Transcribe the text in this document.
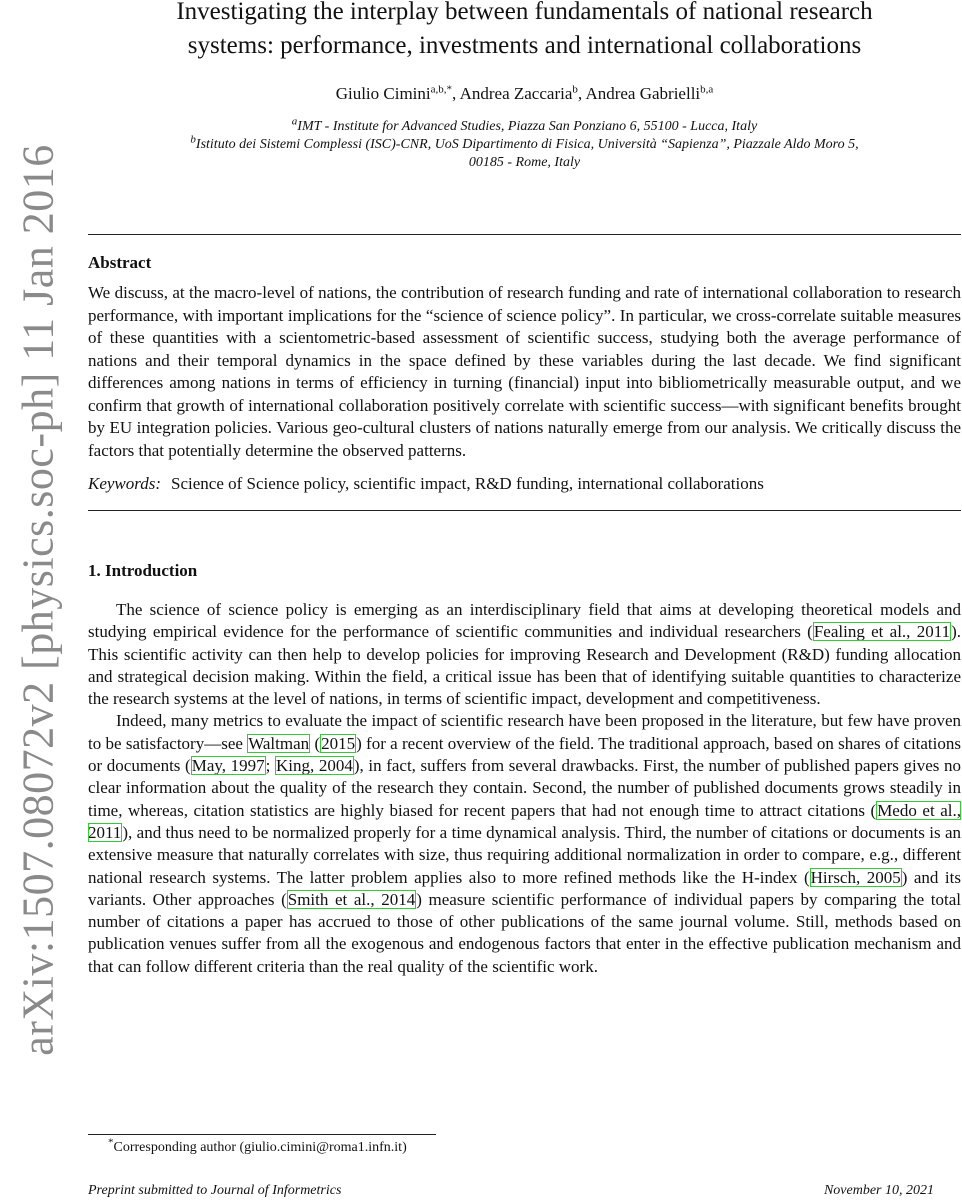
arXiv:1507.08072v2 [physics.soc-ph] 11 Jan 2016
Investigating the interplay between fundamentals of national research
systems: performance, investments and international collaborations
Giulio Cimini$^{a,b,*}$, Andrea Zaccaria$^b$, Andrea Gabrielli$^{b,a}$
$^a$IMT - Institute for Advanced Studies, Piazza San Ponziano 6, 55100 - Lucca, Italy
$^b$Istituto dei Sistemi Complessi (ISC)-CNR, UoS Dipartimento di Fisica, Università “Sapienza”, Piazzale Aldo Moro 5,
00185 - Rome, Italy
Abstract
We discuss, at the macro-level of nations, the contribution of research funding and rate of international collaboration to research performance, with important implications for the “science of science policy”. In particular, we cross-correlate suitable measures of these quantities with a scientometric-based assessment of scientific success, studying both the average performance of nations and their temporal dynamics in the space defined by these variables during the last decade. We find significant differences among nations in terms of efficiency in turning (financial) input into bibliometrically measurable output, and we confirm that growth of international collaboration positively correlate with scientific success—with significant benefits brought by EU integration policies. Various geo-cultural clusters of nations naturally emerge from our analysis. We critically discuss the factors that potentially determine the observed patterns.
Keywords: Science of Science policy, scientific impact, R&D funding, international collaborations
1. Introduction

The science of science policy is emerging as an interdisciplinary field that aims at developing theoretical models and studying empirical evidence for the performance of scientific communities and individual researchers (Fealing et al., 2011). This scientific activity can then help to develop policies for improving Research and Development (R&D) funding allocation and strategical decision making. Within the field, a critical issue has been that of identifying suitable quantities to characterize the research systems at the level of nations, in terms of scientific impact, development and competitiveness.

Indeed, many metrics to evaluate the impact of scientific research have been proposed in the literature, but few have proven to be satisfactory—see Waltman (2015) for a recent overview of the field. The traditional approach, based on shares of citations or documents (May, 1997; King, 2004), in fact, suffers from several drawbacks. First, the number of published papers gives no clear information about the quality of the research they contain. Second, the number of published documents grows steadily in time, whereas, citation statistics are highly biased for recent papers that had not enough time to attract citations (Medo et al., 2011), and thus need to be normalized properly for a time dynamical analysis. Third, the number of citations or documents is an extensive measure that naturally correlates with size, thus requiring additional normalization in order to compare, e.g., different national research systems. The latter problem applies also to more refined methods like the H-index (Hirsch, 2005) and its variants. Other approaches (Smith et al., 2014) measure scientific performance of individual papers by comparing the total number of citations a paper has accrued to those of other publications of the same journal volume. Still, methods based on publication venues suffer from all the exogenous and endogenous factors that enter in the effective publication mechanism and that can follow different criteria than the real quality of the scientific work.

*Corresponding author (giulio.cimini@roma1.infn.it)
Preprint submitted to Journal of Informetrics	November 10, 2021
